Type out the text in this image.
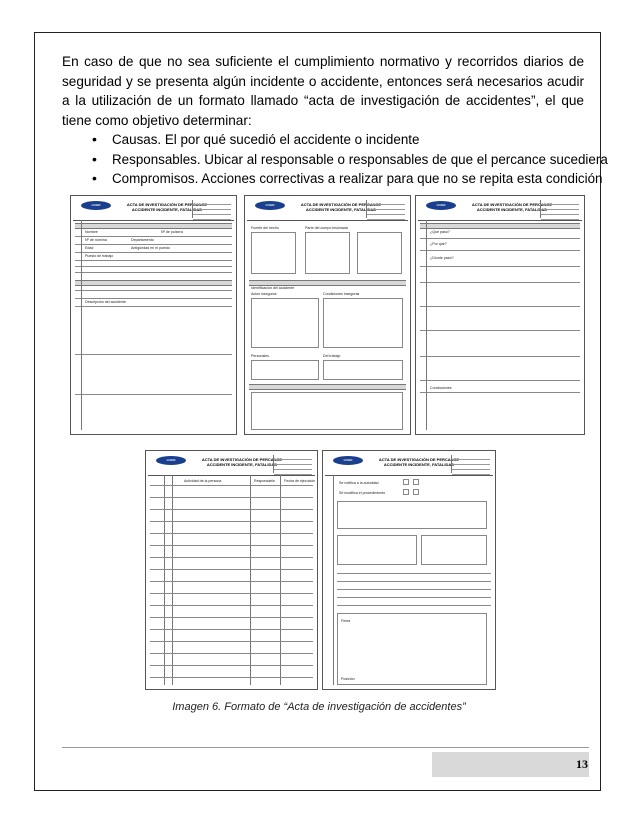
En caso de que no sea suficiente el cumplimiento normativo y recorridos diarios de seguridad y se presenta algún incidente o accidente, entonces será necesarios acudir a la utilización de un formato llamado “acta de investigación de accidentes”, el que tiene como objetivo determinar:

• Causas. El por qué sucedió el accidente o incidente
• Responsables. Ubicar al responsable o responsables de que el percance sucediera
• Compromisos. Acciones correctivas a realizar para que no se repita esta condición
LOGO	ACTA DE INVESTIGACIÓN DE PERCANCE ACCIDENTE INCIDENTE, FATALIDAD
Nombre	Nº de pulsera
Nº de nómina	Departamento
Edad	Antigüedad en el puesto
Puesto de trabajo
Descripción del accidente
LOGO	ACTA DE INVESTIGACIÓN DE PERCANCE ACCIDENTE INCIDENTE, FATALIDAD
Fuente del hecho	Parte del cuerpo lesionada
Identificación del accidente
Actos inseguros	Condiciones inseguras
Personales	Del trabajo
LOGO	ACTA DE INVESTIGACIÓN DE PERCANCE ACCIDENTE INCIDENTE, FATALIDAD
¿Qué pasó?
¿Por qué?
¿Dónde pasó?
Conclusiones
LOGO	ACTA DE INVESTIGACIÓN DE PERCANCE ACCIDENTE INCIDENTE, FATALIDAD
Actividad de la persona	Responsable	Fecha de ejecución
LOGO	ACTA DE INVESTIGACIÓN DE PERCANCE ACCIDENTE INCIDENTE, FATALIDAD
Se notifica a la autoridad
Se modifica el procedimiento
Firma
Posición
Imagen 6. Formato de “Acta de investigación de accidentes”
13
